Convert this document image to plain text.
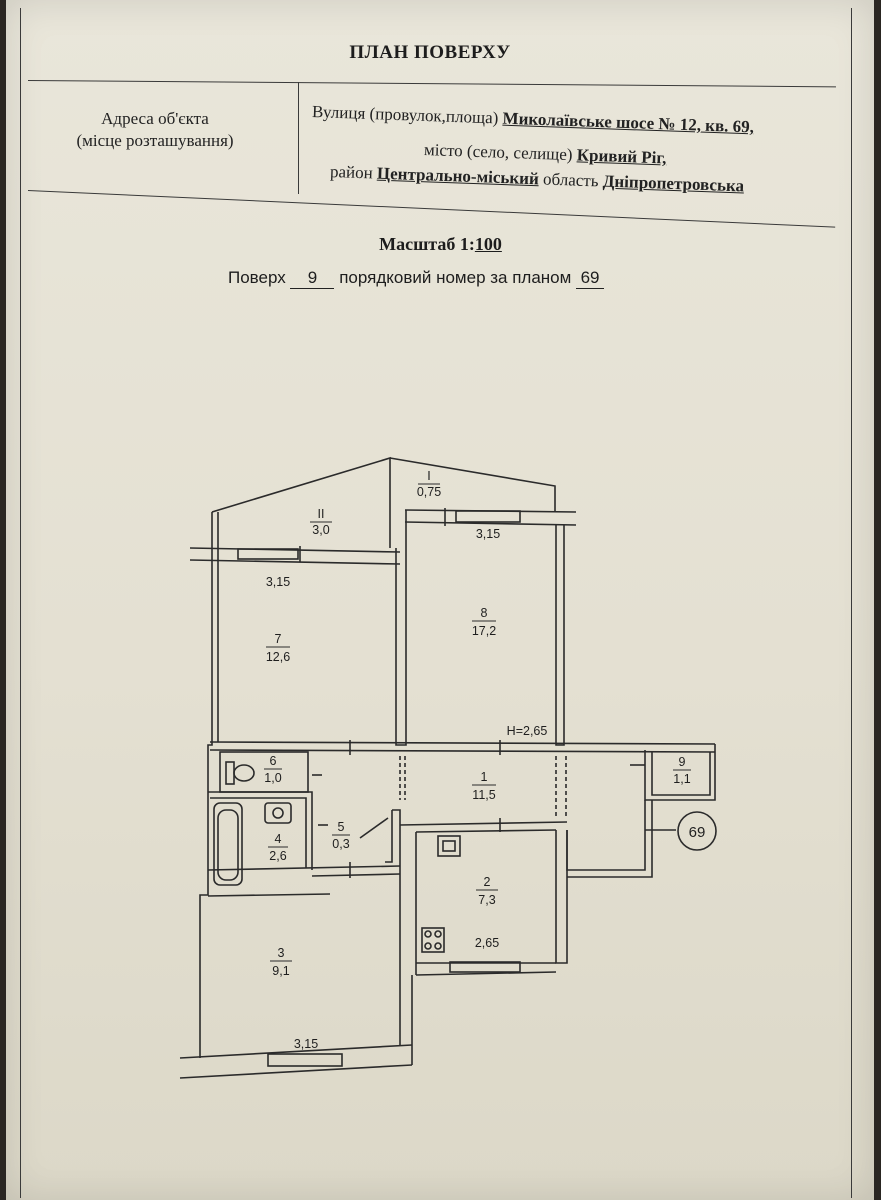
ПЛАН ПОВЕРХУ
Адреса об'єкта
(місце розташування)
Вулиця (провулок,площа) Миколаївське шосе № 12, кв. 69,
місто (село, селище) Кривий Ріг,
район Центрально-міський область Дніпропетровська
Масштаб 1:100
Поверх 9 порядковий номер за планом 69
I
0,75
II
3,0
7
12,6
8
17,2
6
1,0	1
11,5
9
1,1
4
2,6
5
0,3
2
7,3
3
9,1
3,15
3,15
2,65
3,15
H=2,65
69
